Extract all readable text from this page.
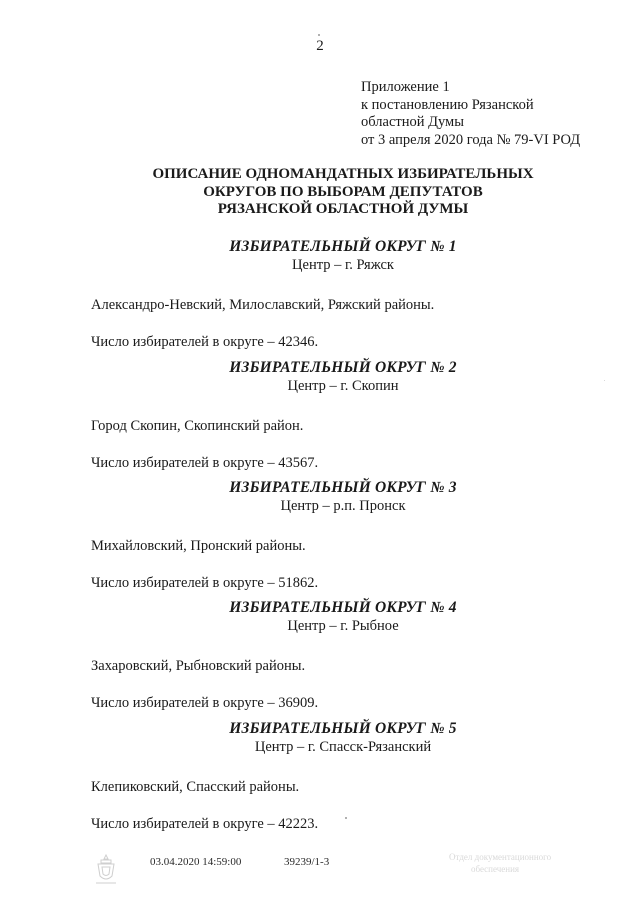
2
Приложение 1
к постановлению Рязанской
областной Думы
от 3 апреля 2020 года № 79-VI РОД
ОПИСАНИЕ ОДНОМАНДАТНЫХ ИЗБИРАТЕЛЬНЫХ
ОКРУГОВ ПО ВЫБОРАМ ДЕПУТАТОВ
РЯЗАНСКОЙ ОБЛАСТНОЙ ДУМЫ
ИЗБИРАТЕЛЬНЫЙ ОКРУГ № 1
Центр – г. Ряжск
Александро-Невский, Милославский, Ряжский районы.
Число избирателей в округе – 42346.
ИЗБИРАТЕЛЬНЫЙ ОКРУГ № 2
Центр – г. Скопин
Город Скопин, Скопинский район.
Число избирателей в округе – 43567.
ИЗБИРАТЕЛЬНЫЙ ОКРУГ № 3
Центр – р.п. Пронск
Михайловский, Пронский районы.
Число избирателей в округе – 51862.
ИЗБИРАТЕЛЬНЫЙ ОКРУГ № 4
Центр – г. Рыбное
Захаровский, Рыбновский районы.
Число избирателей в округе – 36909.
ИЗБИРАТЕЛЬНЫЙ ОКРУГ № 5
Центр – г. Спасск-Рязанский
Клепиковский, Спасский районы.
Число избирателей в округе – 42223.
03.04.2020 14:59:00	39239/1-3	Отдел документационного
обеспечения
